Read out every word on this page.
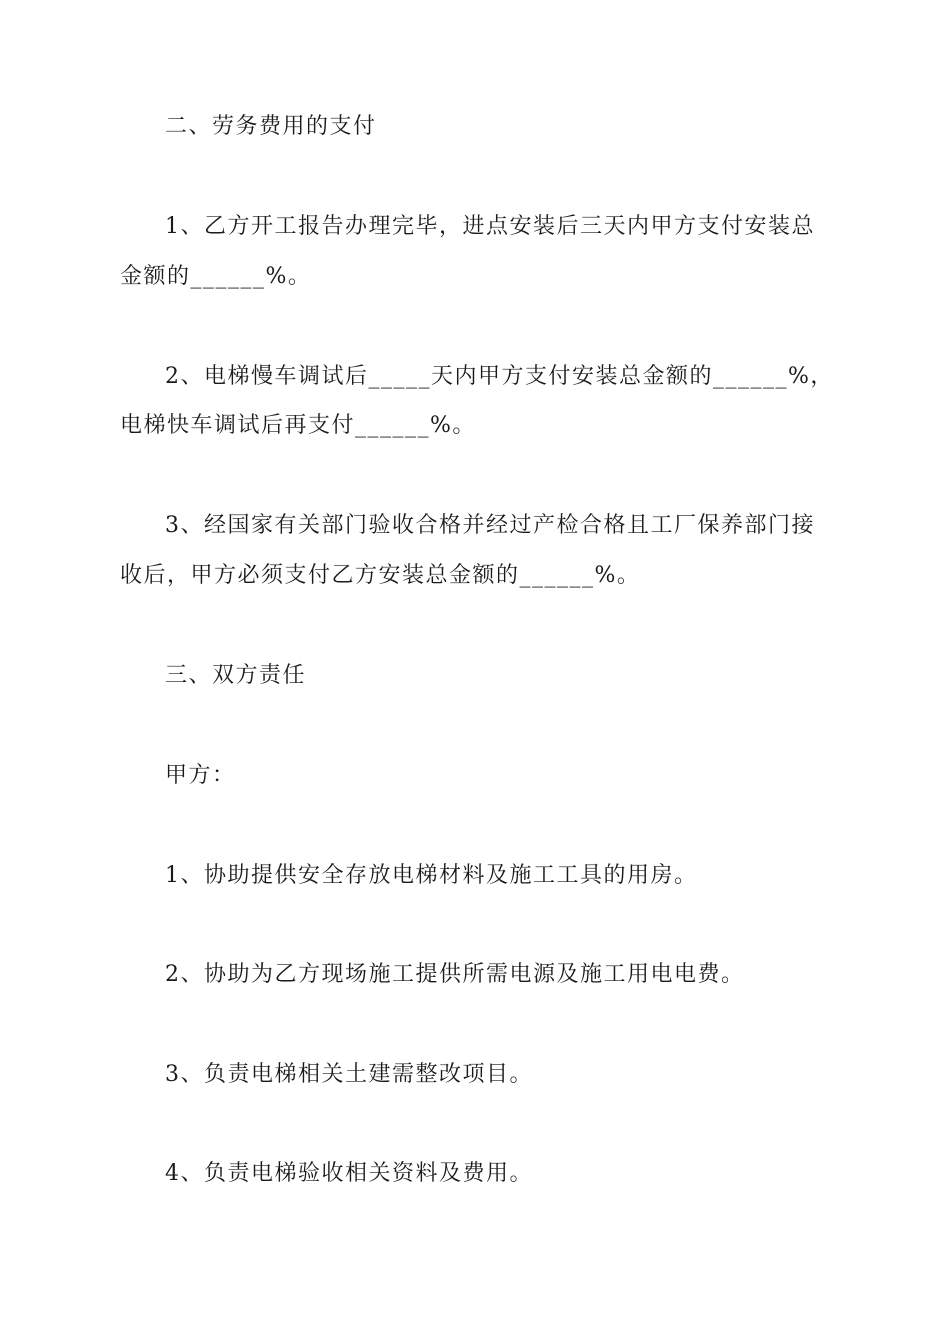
二、劳务费用的支付
1、乙方开工报告办理完毕，进点安装后三天内甲方支付安装总
金额的______%。
2、电梯慢车调试后_____天内甲方支付安装总金额的______%，
电梯快车调试后再支付______%。
3、经国家有关部门验收合格并经过产检合格且工厂保养部门接
收后，甲方必须支付乙方安装总金额的______%。
三、双方责任
甲方：
1、协助提供安全存放电梯材料及施工工具的用房。
2、协助为乙方现场施工提供所需电源及施工用电电费。
3、负责电梯相关土建需整改项目。
4、负责电梯验收相关资料及费用。
